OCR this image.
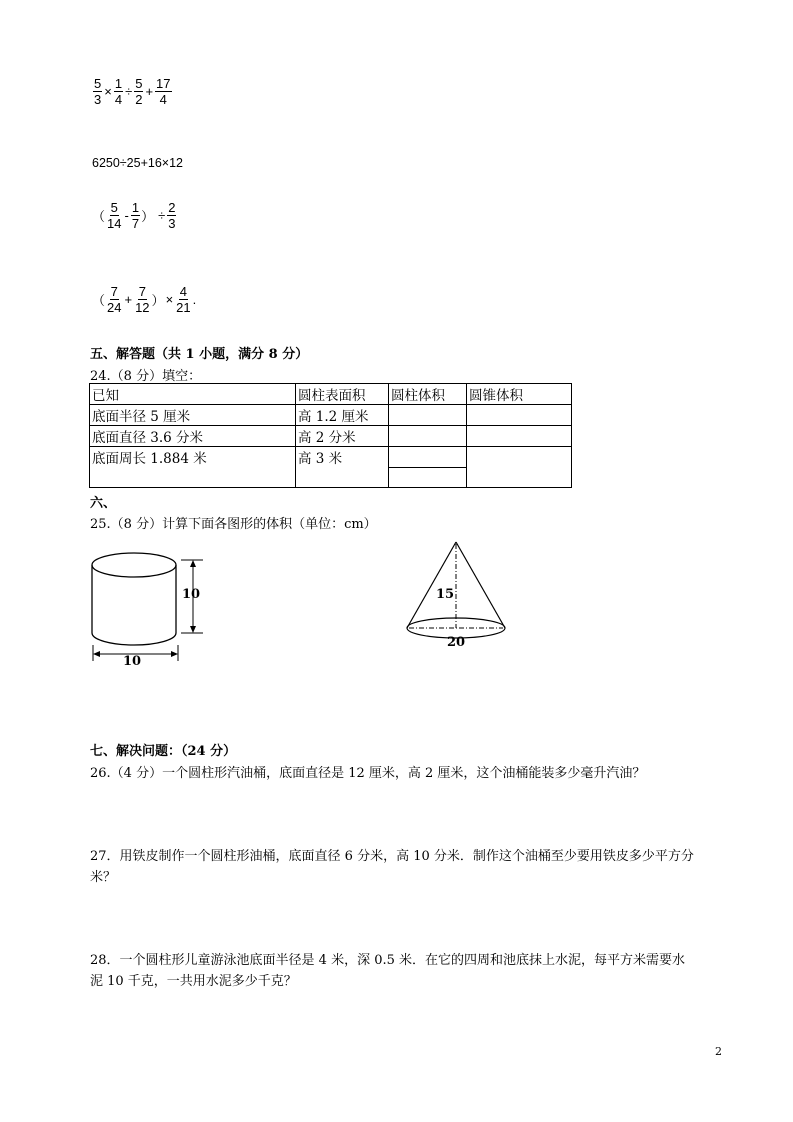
$\frac{5}{3} \times \frac{1}{4} \div \frac{5}{2} + \frac{17}{4}$
6250÷25+16×12
（ $\frac{5}{14} - \frac{1}{7}$ ） ÷ $\frac{2}{3}$
（ $\frac{7}{24} + \frac{7}{12}$ ） × $\frac{4}{21}$ .
五、解答题（共 1 小题，满分 8 分）
24.（8 分）填空：
已知	圆柱表面积	圆柱体积	圆锥体积
底面半径 5 厘米	高 1.2 厘米		
底面直径 3.6 分米	高 2 分米		
底面周长 1.884 米	高 3 米		

六、
25.（8 分）计算下面各图形的体积（单位：cm）
10
10
15
20
七、解决问题：（24 分）
26.（4 分）一个圆柱形汽油桶，底面直径是 12 厘米，高 2 厘米，这个油桶能装多少毫升汽油？
27．用铁皮制作一个圆柱形油桶，底面直径 6 分米，高 10 分米．制作这个油桶至少要用铁皮多少平方分
米？
28．一个圆柱形儿童游泳池底面半径是 4 米，深 0.5 米．在它的四周和池底抹上水泥，每平方米需要水
泥 10 千克，一共用水泥多少千克？
2
